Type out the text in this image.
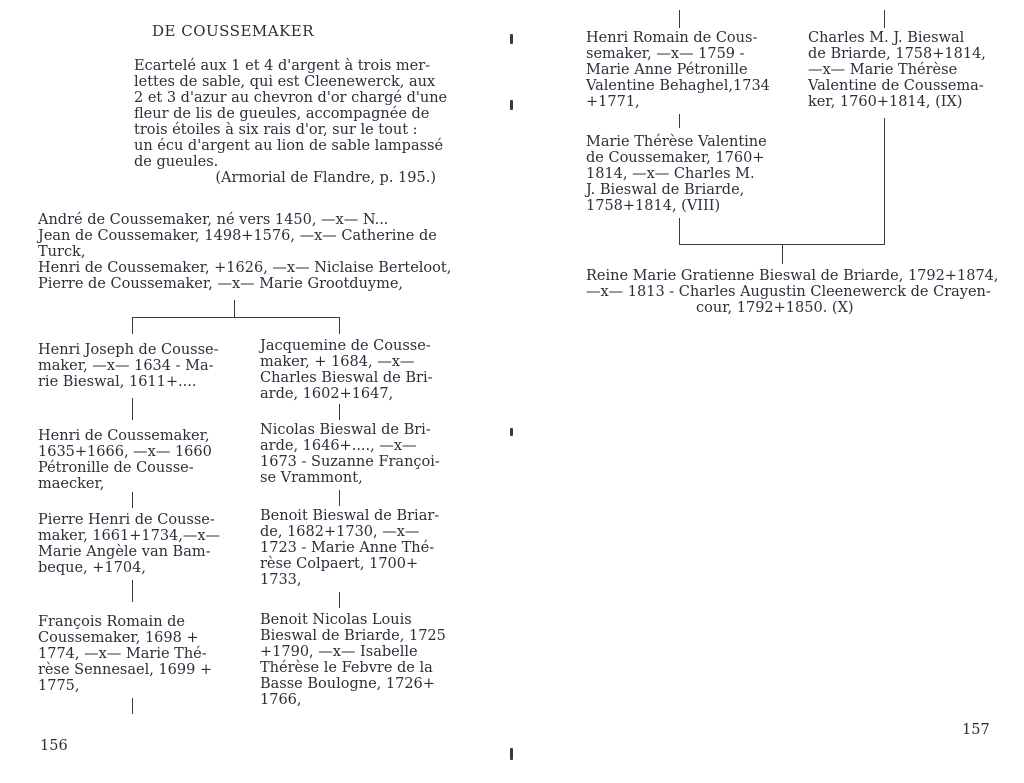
DE COUSSEMAKER
Ecartelé aux 1 et 4 d'argent à trois mer-
lettes de sable, qui est Cleenewerck, aux
2 et 3 d'azur au chevron d'or chargé d'une
fleur de lis de gueules, accompagnée de
trois étoiles à six rais d'or, sur le tout :
un écu d'argent au lion de sable lampassé
de gueules.
(Armorial de Flandre, p. 195.)
André de Coussemaker, né vers 1450, —x— N...
Jean de Coussemaker, 1498+1576, —x— Catherine de
Turck,
Henri de Coussemaker, +1626, —x— Niclaise Berteloot,
Pierre de Coussemaker, —x— Marie Grootduyme,
Henri Joseph de Cousse-
maker, —x— 1634 - Ma-
rie Bieswal, 1611+....
Henri de Coussemaker,
1635+1666, —x— 1660
Pétronille de Cousse-
maecker,
Pierre Henri de Cousse-
maker, 1661+1734,—x—
Marie Angèle van Bam-
beque, +1704,
François Romain de
Coussemaker, 1698 +
1774, —x— Marie Thé-
rèse Sennesael, 1699 +
1775,
Jacquemine de Cousse-
maker, + 1684, —x—
Charles Bieswal de Bri-
arde, 1602+1647,
Nicolas Bieswal de Bri-
arde, 1646+...., —x—
1673 - Suzanne Françoi-
se Vrammont,
Benoit Bieswal de Briar-
de, 1682+1730, —x—
1723 - Marie Anne Thé-
rèse Colpaert, 1700+
1733,
Benoit Nicolas Louis
Bieswal de Briarde, 1725
+1790, —x— Isabelle
Thérèse le Febvre de la
Basse Boulogne, 1726+
1766,
156
Henri Romain de Cous-
semaker, —x— 1759 -
Marie Anne Pétronille
Valentine Behaghel,1734
+1771,
Marie Thérèse Valentine
de Coussemaker, 1760+
1814, —x— Charles M.
J. Bieswal de Briarde,
1758+1814, (VIII)
Charles M. J. Bieswal
de Briarde, 1758+1814,
—x— Marie Thérèse
Valentine de Coussema-
ker, 1760+1814, (IX)
Reine Marie Gratienne Bieswal de Briarde, 1792+1874,
—x— 1813 - Charles Augustin Cleenewerck de Crayen-
cour, 1792+1850. (X)
157
